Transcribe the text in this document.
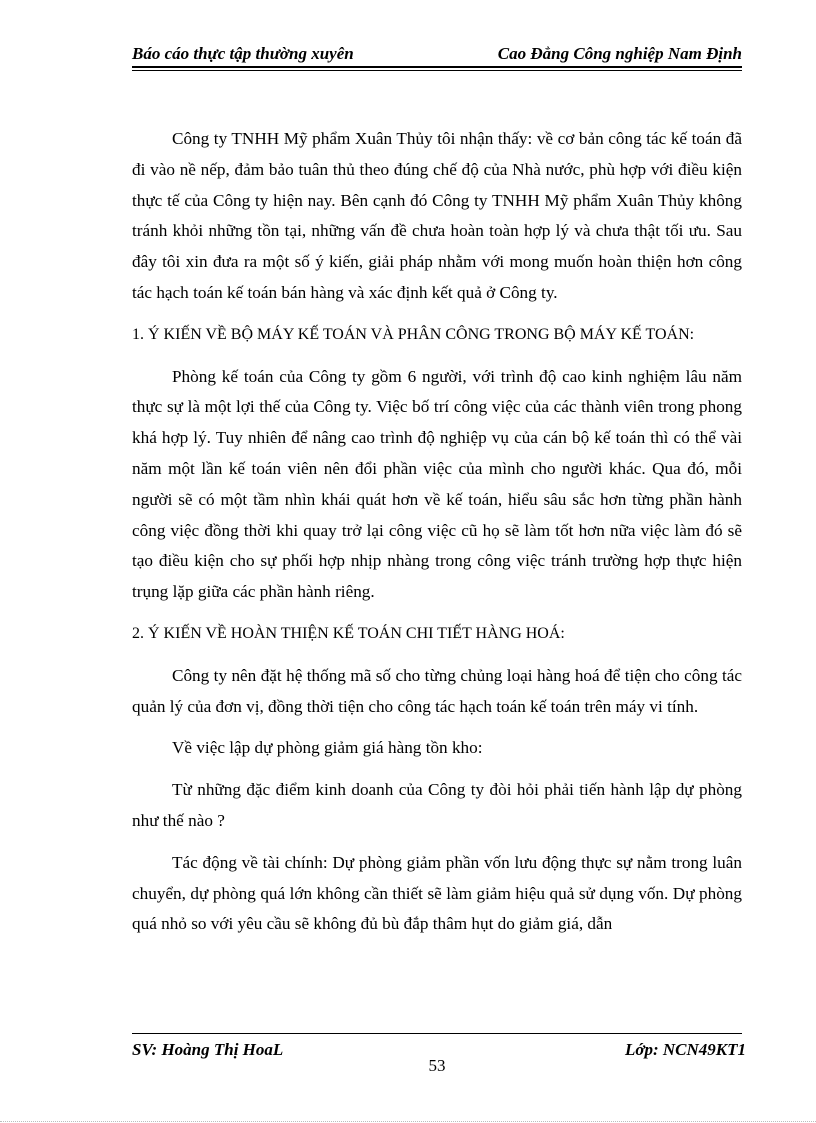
Báo cáo thực tập thường xuyên	Cao Đẳng Công nghiệp Nam Định

Công ty TNHH Mỹ phẩm Xuân Thủy tôi nhận thấy: về cơ bản công tác kế toán đã đi vào nề nếp, đảm bảo tuân thủ theo đúng chế độ của Nhà nước, phù hợp với điều kiện thực tế của Công ty hiện nay. Bên cạnh đó Công ty TNHH Mỹ phẩm Xuân Thủy không tránh khỏi những tồn tại, những vấn đề chưa hoàn toàn hợp lý và chưa thật tối ưu. Sau đây tôi xin đưa ra một số ý kiến, giải pháp nhằm với mong muốn hoàn thiện hơn công tác hạch toán kế toán bán hàng và xác định kết quả ở Công ty.

1. Ý KIẾN VỀ BỘ MÁY KẾ TOÁN VÀ PHÂN CÔNG TRONG BỘ MÁY KẾ TOÁN:

Phòng kế toán của Công ty gồm 6 người, với trình độ cao kinh nghiệm lâu năm thực sự là một lợi thế của Công ty. Việc bố trí công việc của các thành viên trong phong khá hợp lý. Tuy nhiên để nâng cao trình độ nghiệp vụ của cán bộ kế toán thì có thể vài năm một lần kế toán viên nên đổi phần việc của mình cho người khác. Qua đó, mỗi người sẽ có một tầm nhìn khái quát hơn về kế toán, hiểu sâu sắc hơn từng phần hành công việc đồng thời khi quay trở lại công việc cũ họ sẽ làm tốt hơn nữa việc làm đó sẽ tạo điều kiện cho sự phối hợp nhịp nhàng trong công việc tránh trường hợp thực hiện trụng lặp giữa các phần hành riêng.

2. Ý KIẾN VỀ HOÀN THIỆN KẾ TOÁN CHI TIẾT HÀNG HOÁ:

Công ty nên đặt hệ thống mã số cho từng chủng loại hàng hoá để tiện cho công tác quản lý của đơn vị, đồng thời tiện cho công tác hạch toán kế toán trên máy vi tính.

Về việc lập dự phòng giảm giá hàng tồn kho:

Từ những đặc điểm kinh doanh của Công ty đòi hỏi phải tiến hành lập dự phòng như thế nào ?

Tác động về tài chính: Dự phòng giảm phần vốn lưu động thực sự nằm trong luân chuyển, dự phòng quá lớn không cần thiết sẽ làm giảm hiệu quả sử dụng vốn. Dự phòng quá nhỏ so với yêu cầu sẽ không đủ bù đắp thâm hụt do giảm giá, dẫn

SV: Hoàng Thị HoaL	Lớp: NCN49KT1
53
